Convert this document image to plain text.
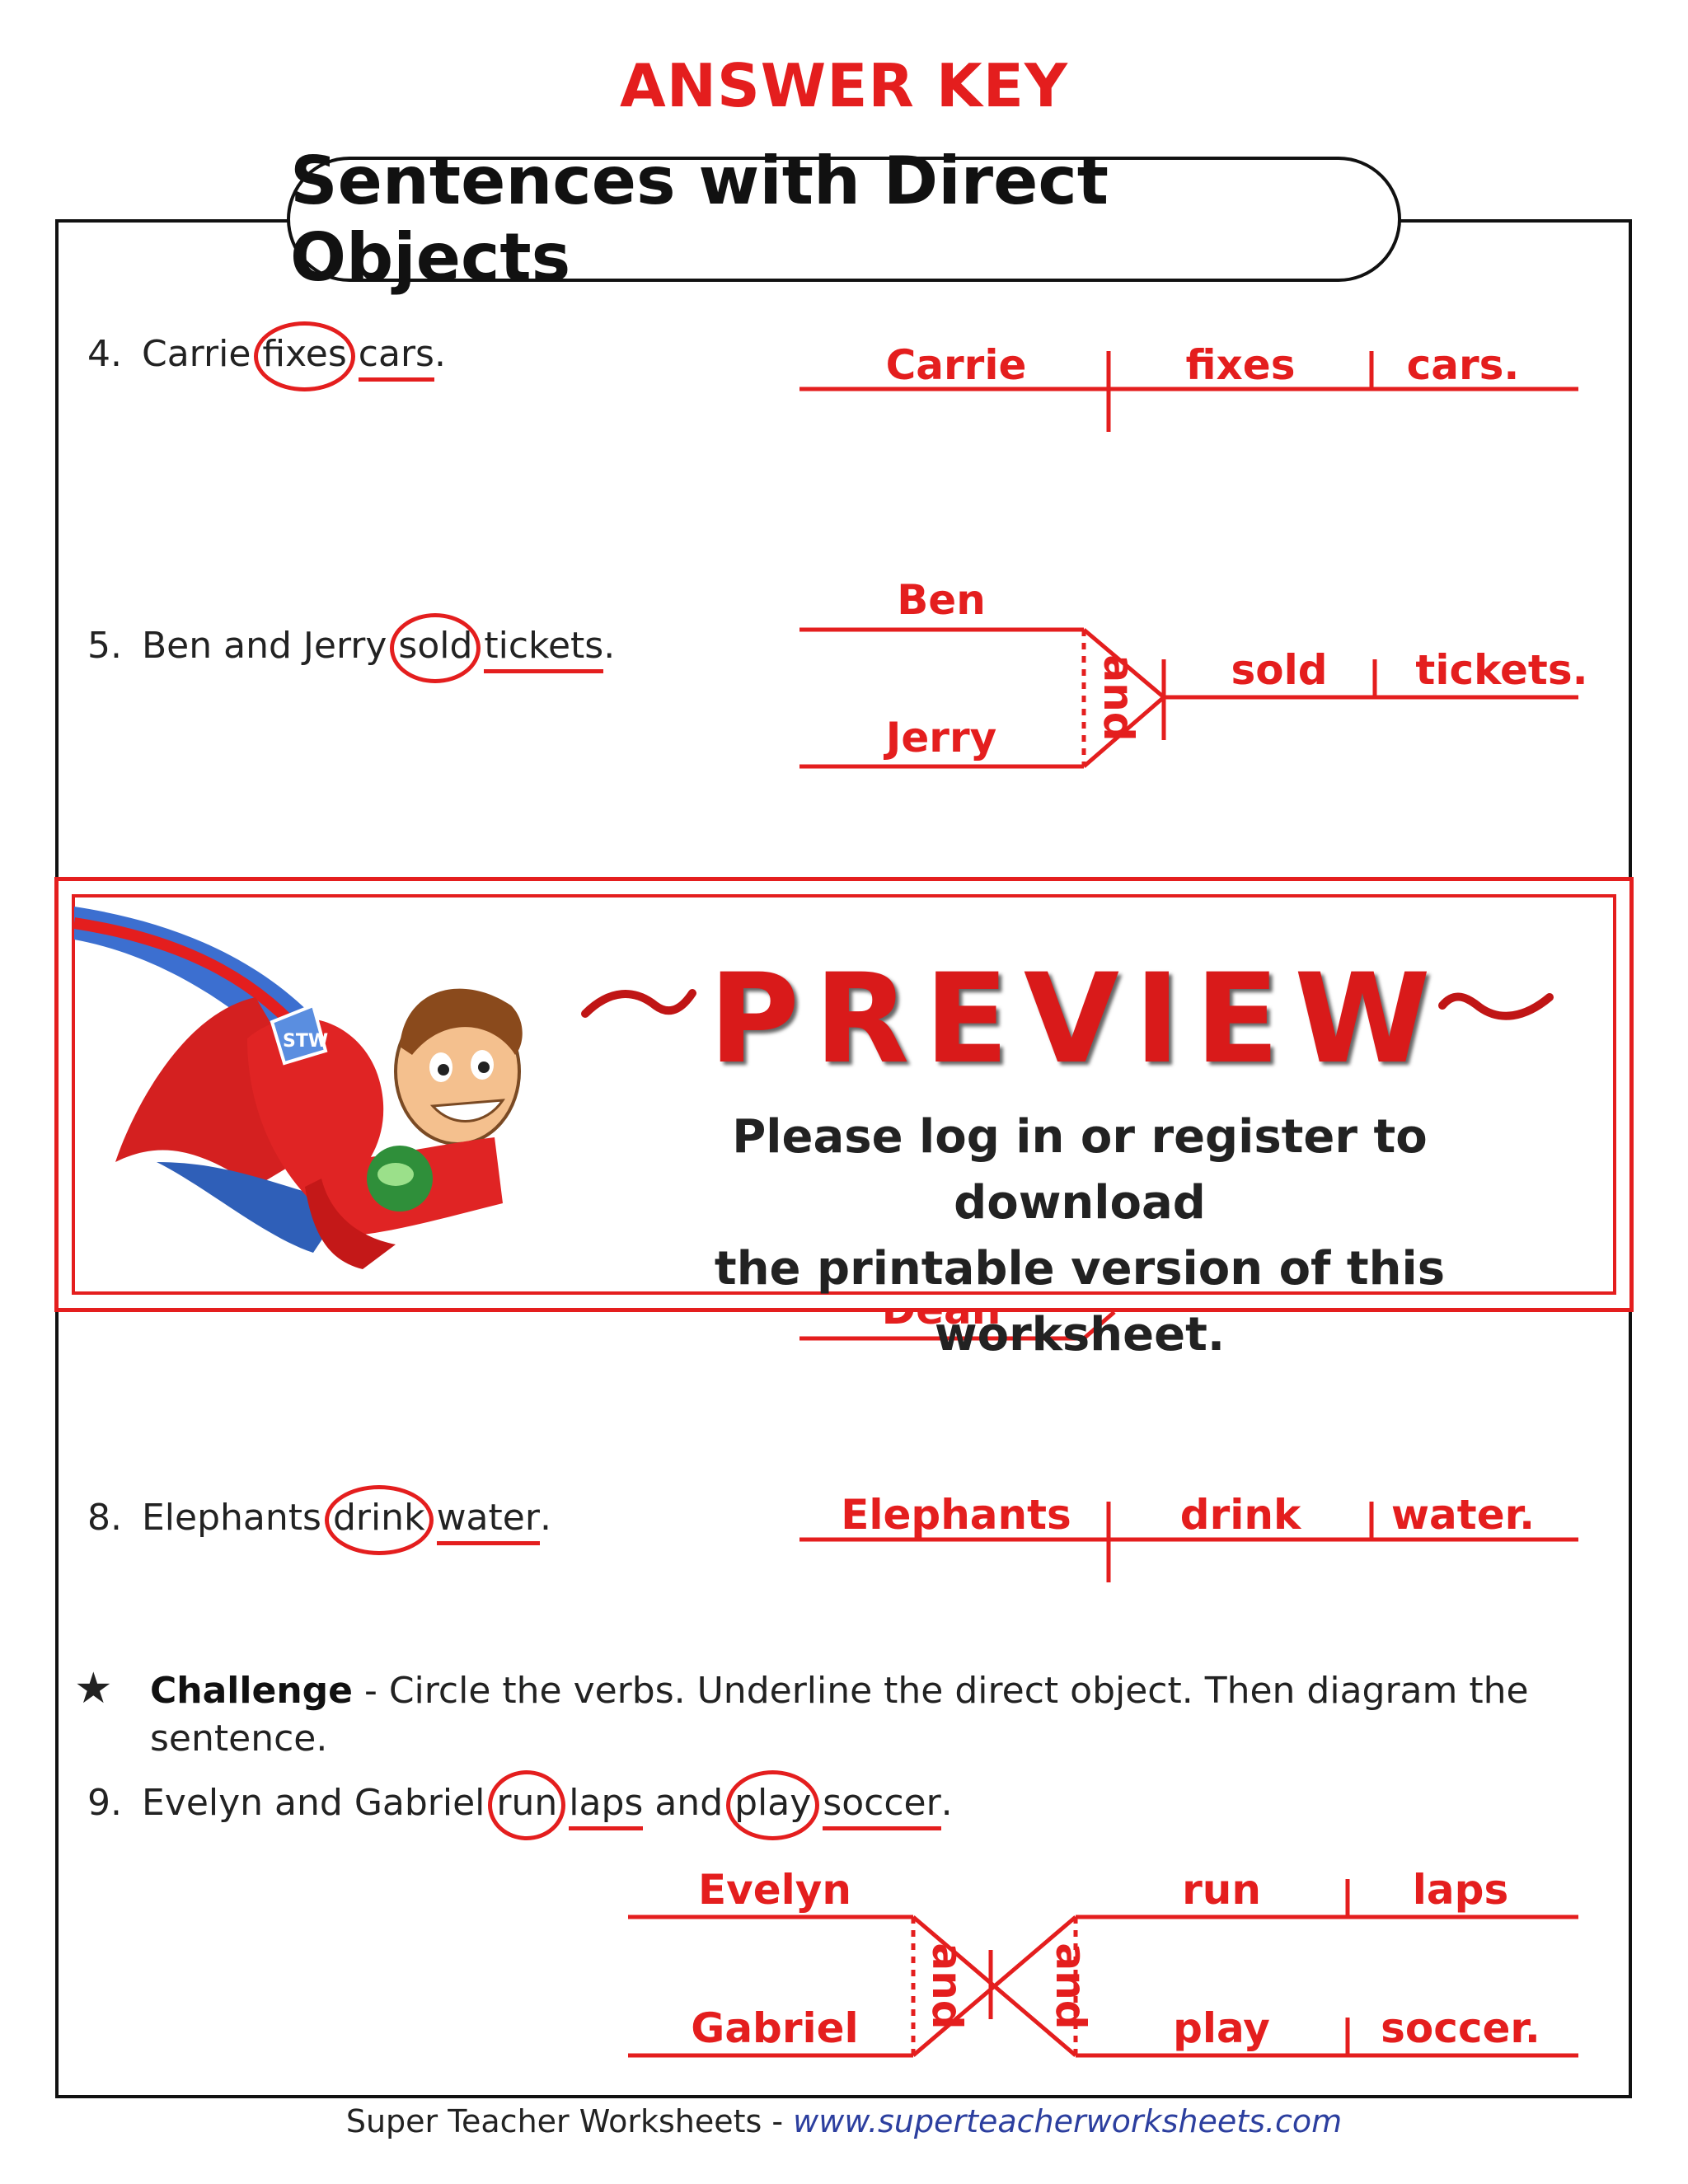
ANSWER KEY
Sentences with Direct Objects
4. Carrie fixes cars.
5. Ben and Jerry sold tickets.
8. Elephants drink water.
Carrie	fixes	cars.
Ben
Jerry and sold tickets.
Elephants	drink water.
Evelyn
Gabriel and and
run	laps
play	soccer.
★ Challenge - Circle the verbs. Underline the direct object. Then diagram the
sentence.
9. Evelyn and Gabriel run laps and play soccer.
STW	PREVIEW
Please log in or register to download
the printable version of this worksheet.
Super Teacher Worksheets - www.superteacherworksheets.com
